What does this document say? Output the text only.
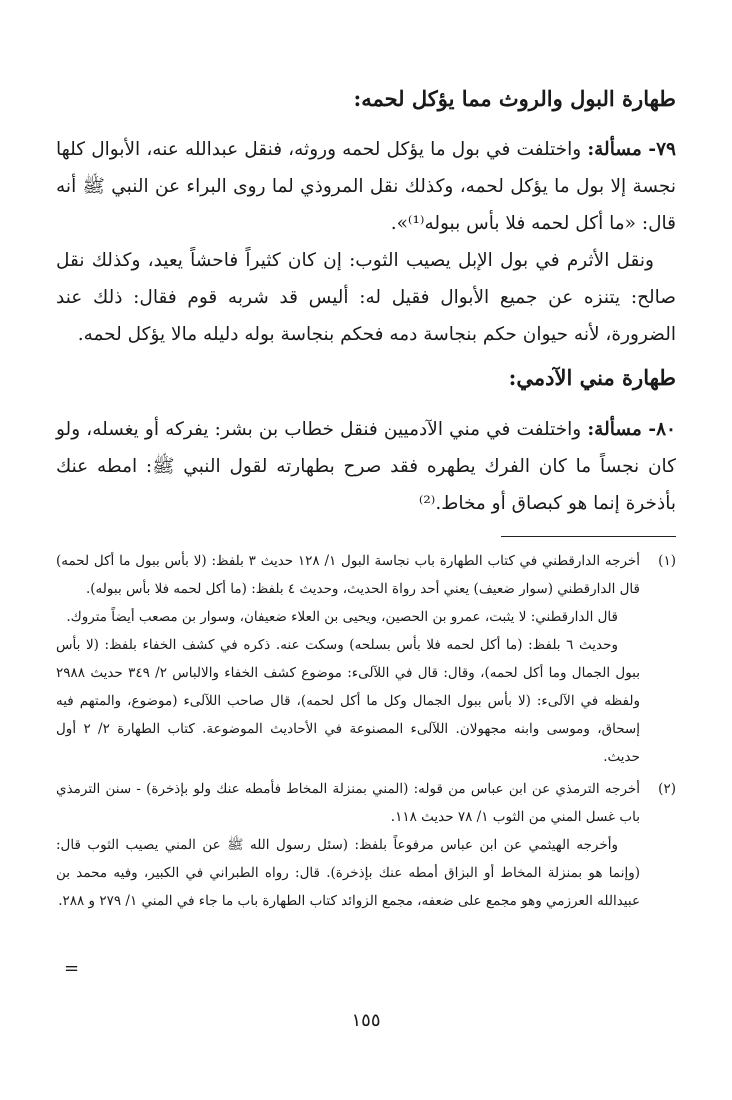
طهارة البول والروث مما يؤكل لحمه:

٧٩- مسألة: واختلفت في بول ما يؤكل لحمه وروثه، فنقل عبدالله عنه، الأبوال كلها نجسة إلا بول ما يؤكل لحمه، وكذلك نقل المروذي لما روى البراء عن النبي ﷺ أنه قال: «ما أكل لحمه فلا بأس ببوله⁽¹⁾».

ونقل الأثرم في بول الإبل يصيب الثوب: إن كان كثيراً فاحشاً يعيد، وكذلك نقل صالح: يتنزه عن جميع الأبوال فقيل له: أليس قد شربه قوم فقال: ذلك عند الضرورة، لأنه حيوان حكم بنجاسة دمه فحكم بنجاسة بوله دليله مالا يؤكل لحمه.

طهارة مني الآدمي:

٨٠- مسألة: واختلفت في مني الآدميين فنقل خطاب بن بشر: يفركه أو يغسله، ولو كان نجساً ما كان الفرك يطهره فقد صرح بطهارته لقول النبي ﷺ: امطه عنك بأذخرة إنما هو كبصاق أو مخاط.⁽²⁾

(١)

أخرجه الدارقطني في كتاب الطهارة باب نجاسة البول ١/ ١٢٨ حديث ٣ بلفظ: (لا بأس ببول ما أكل لحمه) قال الدارقطني (سوار ضعيف) يعني أحد رواة الحديث، وحديث ٤ بلفظ: (ما أكل لحمه فلا بأس ببوله).

قال الدارقطني: لا يثبت، عمرو بن الحصين، ويحيى بن العلاء ضعيفان، وسوار بن مصعب أيضاً متروك.

وحديث ٦ بلفظ: (ما أكل لحمه فلا بأس بسلحه) وسكت عنه. ذكره في كشف الخفاء بلفظ: (لا بأس ببول الجمال وما أكل لحمه)، وقال: قال في اللآلىء: موضوع كشف الخفاء والالباس ٢/ ٣٤٩ حديث ٢٩٨٨ ولفظه في الآلىء: (لا بأس ببول الجمال وكل ما أكل لحمه)، قال صاحب اللآلىء (موضوع، والمتهم فيه إسحاق، وموسى وابنه مجهولان. اللآلىء المصنوعة في الأحاديث الموضوعة. كتاب الطهارة ٢/ ٢ أول حديث.

(٢)

أخرجه الترمذي عن ابن عباس من قوله: (المني بمنزلة المخاط فأمطه عنك ولو بإذخرة) - سنن الترمذي باب غسل المني من الثوب ١/ ٧٨ حديث ١١٨.

وأخرجه الهيثمي عن ابن عباس مرفوعاً بلفظ: (سئل رسول الله ﷺ عن المني يصيب الثوب قال: (وإنما هو بمنزلة المخاط أو البزاق أمطه عنك بإذخرة). قال: رواه الطبراني في الكبير، وفيه محمد بن عبيدالله العرزمي وهو مجمع على ضعفه، مجمع الزوائد كتاب الطهارة باب ما جاء في المني ١/ ٢٧٩ و ٢٨٨.

=
١٥٥
